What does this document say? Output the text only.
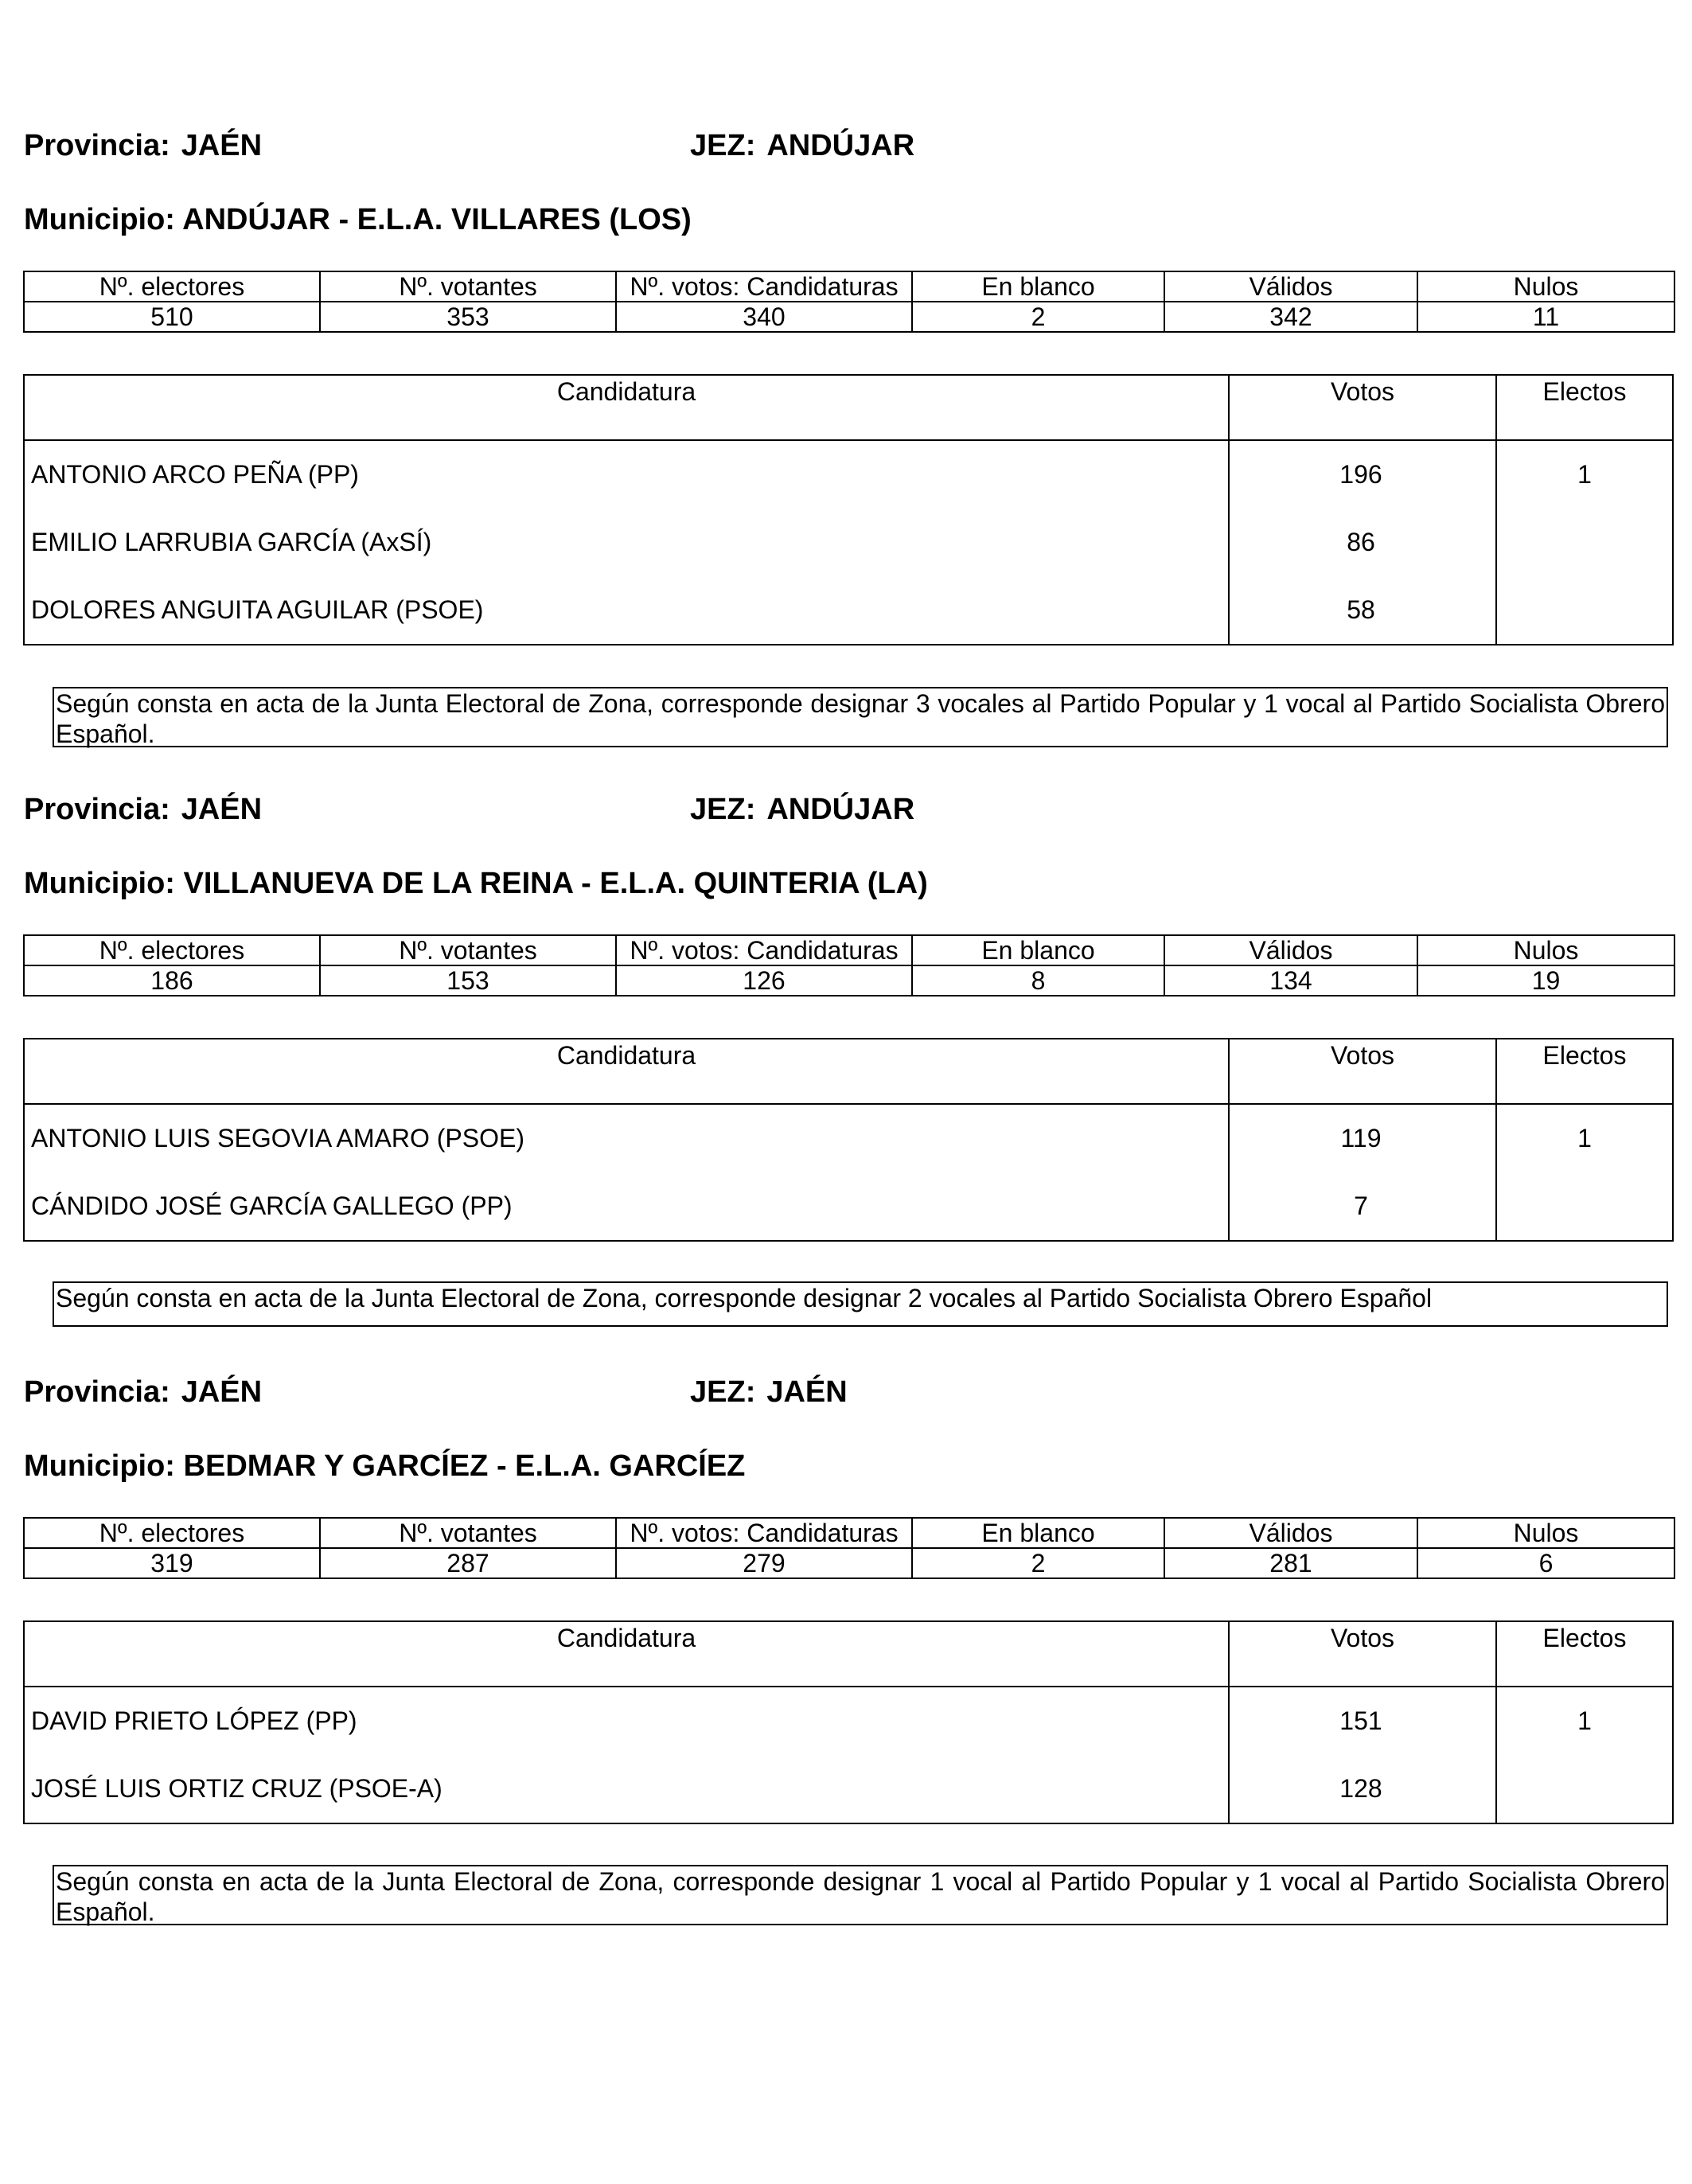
Provincia: JAÉN	JEZ: ANDÚJAR
Municipio: ANDÚJAR - E.L.A. VILLARES (LOS)
Nº. electores	Nº. votantes	Nº. votos: Candidaturas	En blanco	Válidos	Nulos
510	353	340	2	342	11
Candidatura	Votos	Electos
ANTONIO ARCO PEÑA (PP)	196	1
EMILIO LARRUBIA GARCÍA (AxSÍ)	86
DOLORES ANGUITA AGUILAR (PSOE)	58
Según consta en acta de la Junta Electoral de Zona, corresponde designar 3 vocales al Partido Popular y 1 vocal al Partido Socialista Obrero Español.
Provincia: JAÉN	JEZ: ANDÚJAR
Municipio: VILLANUEVA DE LA REINA - E.L.A. QUINTERIA (LA)
Nº. electores	Nº. votantes	Nº. votos: Candidaturas	En blanco	Válidos	Nulos
186	153	126	8	134	19
Candidatura	Votos	Electos
ANTONIO LUIS SEGOVIA AMARO (PSOE)	119	1
CÁNDIDO JOSÉ GARCÍA GALLEGO (PP)	7
Según consta en acta de la Junta Electoral de Zona, corresponde designar 2 vocales al Partido Socialista Obrero Español
Provincia: JAÉN	JEZ: JAÉN
Municipio: BEDMAR Y GARCÍEZ - E.L.A. GARCÍEZ
Nº. electores	Nº. votantes	Nº. votos: Candidaturas	En blanco	Válidos	Nulos
319	287	279	2	281	6
Candidatura	Votos	Electos
DAVID PRIETO LÓPEZ (PP)	151	1
JOSÉ LUIS ORTIZ CRUZ (PSOE-A)	128
Según consta en acta de la Junta Electoral de Zona, corresponde designar 1 vocal al Partido Popular y 1 vocal al Partido Socialista Obrero Español.
